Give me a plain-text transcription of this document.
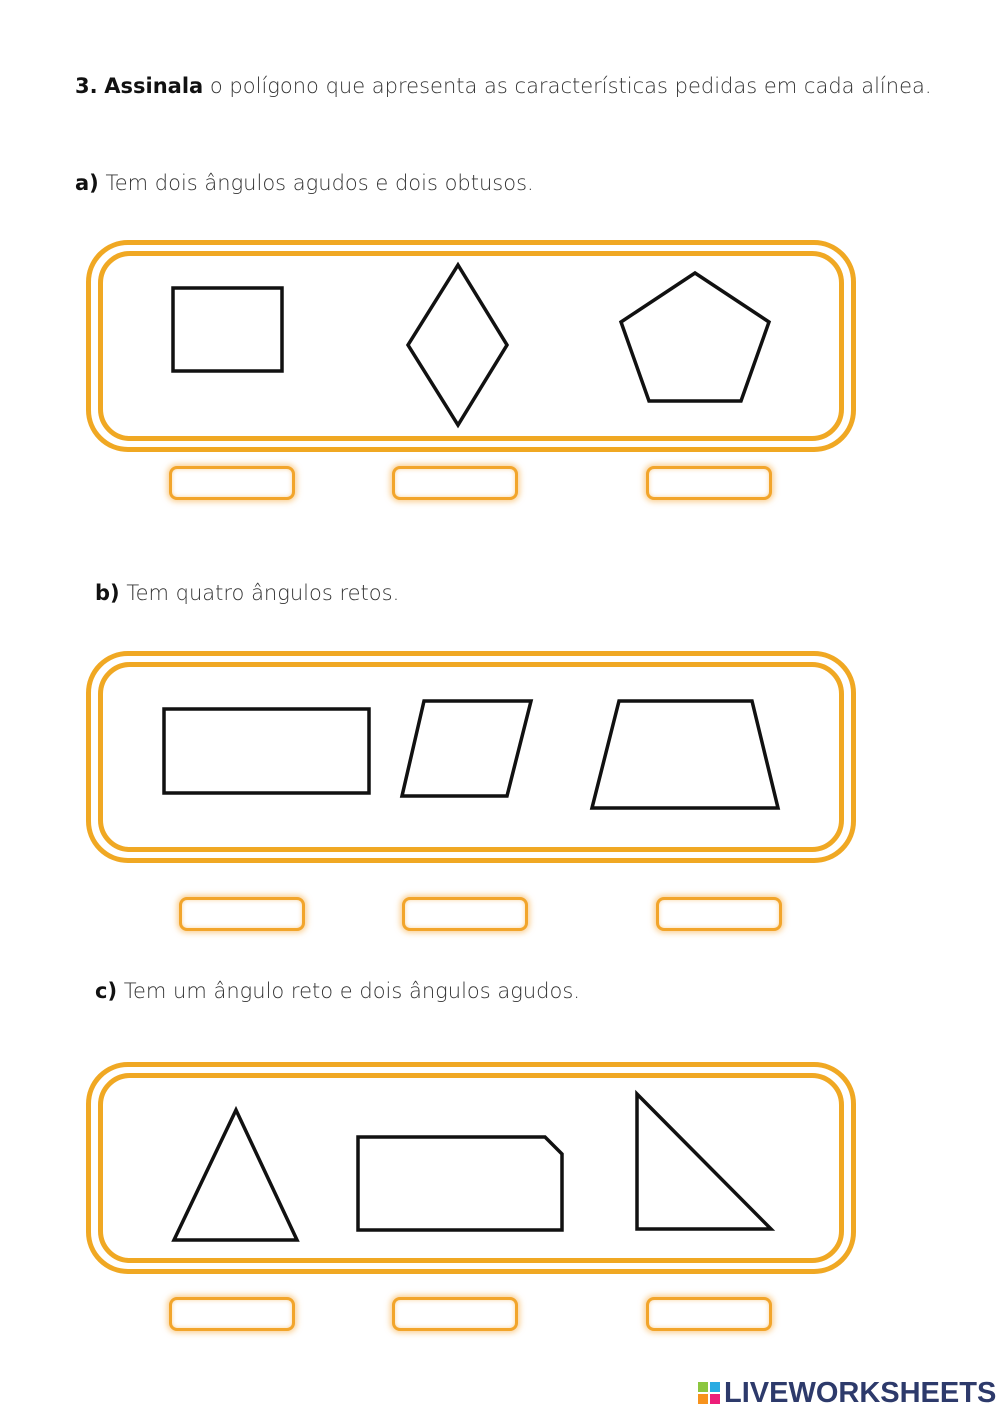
3. Assinala o polígono que apresenta as características pedidas em cada alínea.
a) Tem dois ângulos agudos e dois obtusos.
b) Tem quatro ângulos retos.
c) Tem um ângulo reto e dois ângulos agudos.
LIVEWORKSHEETS
